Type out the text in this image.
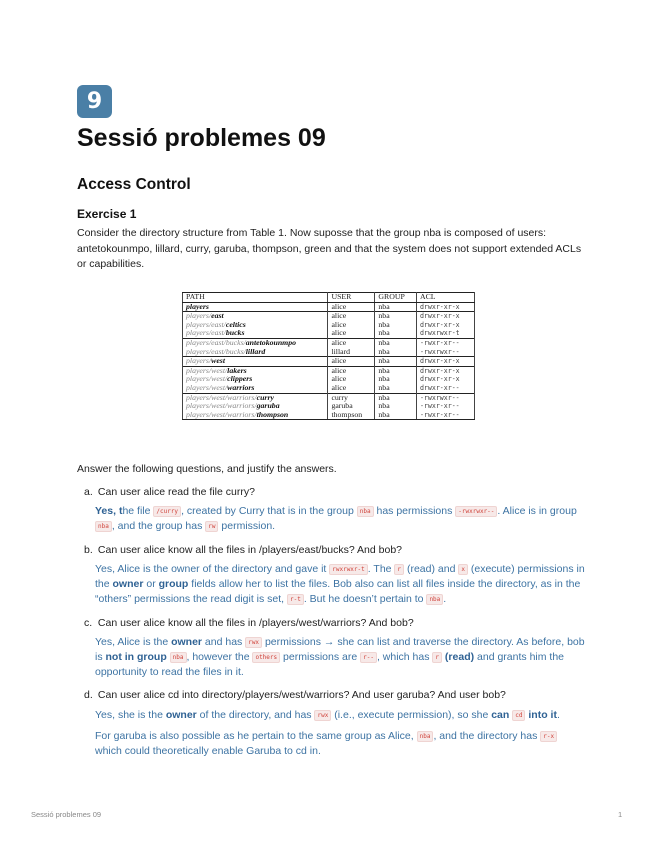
9
Sessió problemes 09
Access Control
Exercise 1

Consider the directory structure from Table 1. Now suposse that the group nba is composed of users: antetokounmpo, lillard, curry, garuba, thompson, green and that the system does not support extended ACLs or capabilities.

PATH	USER	GROUP	ACL
players	alice	nba	drwxr-xr-x
players/east	alice	nba	drwxr-xr-x
players/east/celtics	alice	nba	drwxr-xr-x
players/east/bucks	alice	nba	drwxrwxr-t
players/east/bucks/antetokounmpo	alice	nba	-rwxr-xr--
players/east/bucks/lillard	lillard	nba	-rwxrwxr--
players/west	alice	nba	drwxr-xr-x
players/west/lakers	alice	nba	drwxr-xr-x
players/west/clippers	alice	nba	drwxr-xr-x
players/west/warriors	alice	nba	drwxr-xr--
players/west/warriors/curry	curry	nba	-rwxrwxr--
players/west/warriors/garuba	garuba	nba	-rwxr-xr--
players/west/warriors/thompson	thompson	nba	-rwxr-xr--

Answer the following questions, and justify the answers.

a. Can user alice read the file curry?

Yes, the file /curry , created by Curry that is in the group nba has permissions -rwxrwxr-- . Alice is in group nba , and the group has rw permission.

b. Can user alice know all the files in /players/east/bucks? And bob?

Yes, Alice is the owner of the directory and gave it rwxrwxr-t . The r (read) and x (execute) permissions in the owner or group fields allow her to list the files. Bob also can list all files inside the directory, as in the “others” permissions the read digit is set, r-t . But he doesn’t pertain to nba .

c. Can user alice know all the files in /players/west/warriors? And bob?

Yes, Alice is the owner and has rwx permissions → she can list and traverse the directory. As before, bob is not in group nba , however the others permissions are r-- , which has r (read) and grants him the opportunity to read the files in it.

d. Can user alice cd into directory/players/west/warriors? And user garuba? And user bob?

Yes, she is the owner of the directory, and has rwx (i.e., execute permission), so she can cd into it.

For garuba is also possible as he pertain to the same group as Alice, nba , and the directory has r-x which could theoretically enable Garuba to cd in.

Sessió problemes 09	1
